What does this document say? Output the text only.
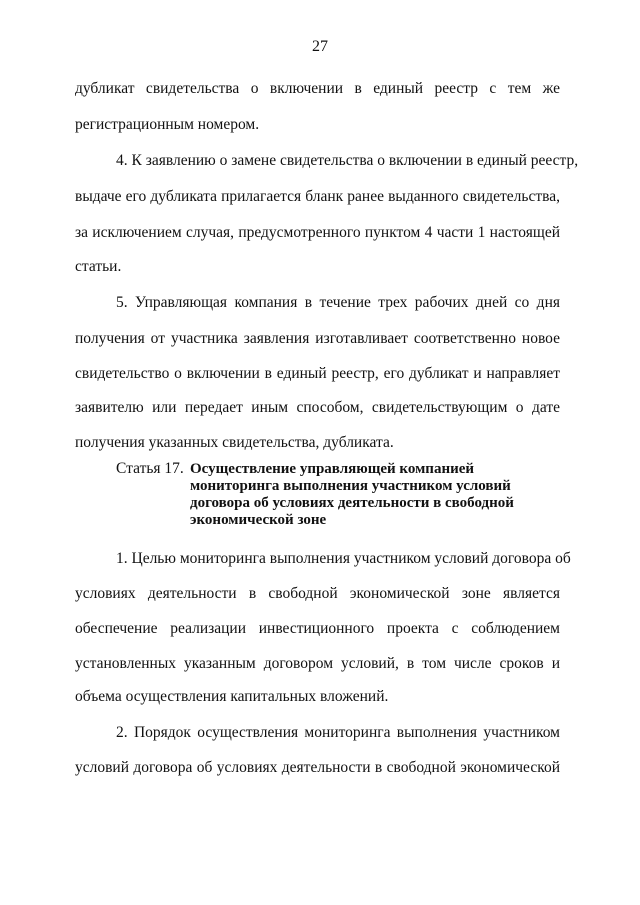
27
дубликат свидетельства о включении в единый реестр с тем же
регистрационным номером.
4. К заявлению о замене свидетельства о включении в единый реестр,
выдаче его дубликата прилагается бланк ранее выданного свидетельства,
за исключением случая, предусмотренного пунктом 4 части 1 настоящей
статьи.
5. Управляющая компания в течение трех рабочих дней со дня
получения от участника заявления изготавливает соответственно новое
свидетельство о включении в единый реестр, его дубликат и направляет
заявителю или передает иным способом, свидетельствующим о дате
получения указанных свидетельства, дубликата.
Статья 17. Осуществление управляющей компанией
мониторинга выполнения участником условий
договора об условиях деятельности в свободной
экономической зоне
1. Целью мониторинга выполнения участником условий договора об
условиях деятельности в свободной экономической зоне является
обеспечение реализации инвестиционного проекта с соблюдением
установленных указанным договором условий, в том числе сроков и
объема осуществления капитальных вложений.
2. Порядок осуществления мониторинга выполнения участником
условий договора об условиях деятельности в свободной экономической
